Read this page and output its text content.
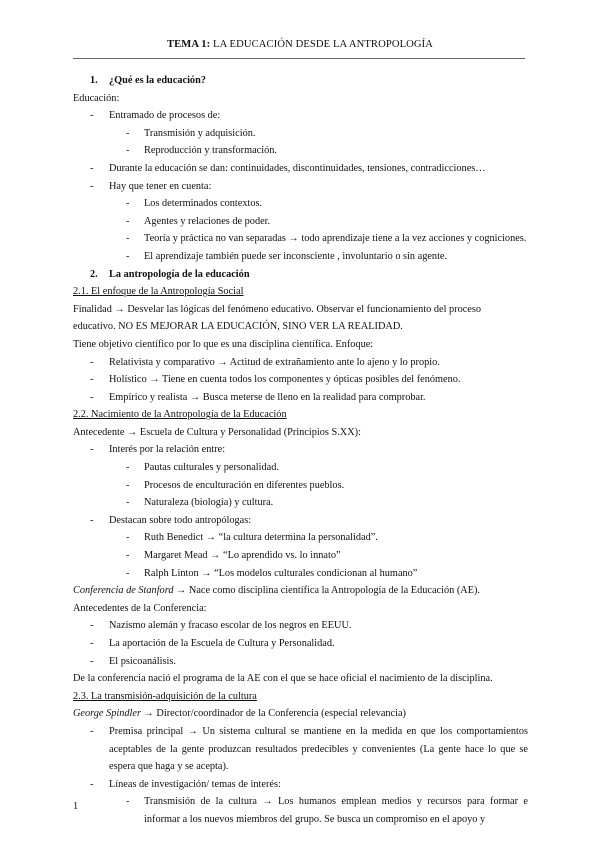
TEMA 1: LA EDUCACIÓN DESDE LA ANTROPOLOGÍA
1. ¿Qué es la educación?
Educación:
- Entramado de procesos de:
- Transmisión y adquisición.
- Reproducción y transformación.
- Durante la educación se dan: continuidades, discontinuidades, tensiones, contradicciones…
- Hay que tener en cuenta:
- Los determinados contextos.
- Agentes y relaciones de poder.
- Teoría y práctica no van separadas → todo aprendizaje tiene a la vez acciones y cogniciones.
- El aprendizaje también puede ser inconsciente , involuntario o sin agente.
2. La antropología de la educación
2.1. El enfoque de la Antropología Social
Finalidad → Desvelar las lógicas del fenómeno educativo. Observar el funcionamiento del proceso
educativo. NO ES MEJORAR LA EDUCACIÓN, SINO VER LA REALIDAD.
Tiene objetivo científico por lo que es una disciplina científica. Enfoque:
- Relativista y comparativo → Actitud de extrañamiento ante lo ajeno y lo propio.
- Holístico → Tiene en cuenta todos los componentes y ópticas posibles del fenómeno.
- Empírico y realista → Busca meterse de lleno en la realidad para comprobar.
2.2. Nacimiento de la Antropología de la Educación
Antecedente → Escuela de Cultura y Personalidad (Principios S.XX):
- Interés por la relación entre:
- Pautas culturales y personalidad.
- Procesos de enculturación en diferentes pueblos.
- Naturaleza (biología) y cultura.
- Destacan sobre todo antropólogas:
- Ruth Benedict → “la cultura determina la personalidad”.
- Margaret Mead → “Lo aprendido vs. lo innato”
- Ralph Linton → “Los modelos culturales condicionan al humano”
Conferencia de Stanford → Nace como disciplina científica la Antropología de la Educación (AE).
Antecedentes de la Conferencia:
- Nazismo alemán y fracaso escolar de los negros en EEUU.
- La aportación de la Escuela de Cultura y Personalidad.
- El psicoanálisis.
De la conferencia nació el programa de la AE con el que se hace oficial el nacimiento de la disciplina.
2.3. La transmisión-adquisición de la cultura
George Spindler → Director/coordinador de la Conferencia (especial relevancia)
- Premisa principal → Un sistema cultural se mantiene en la medida en que los comportamientos aceptables de la gente produzcan resultados predecibles y convenientes (La gente hace lo que se espera que haga y se acepta).
- Líneas de investigación/ temas de interés:
- Transmisión de la cultura → Los humanos emplean medios y recursos para formar e informar a los nuevos miembros del grupo. Se busca un compromiso en el apoyo y
1
